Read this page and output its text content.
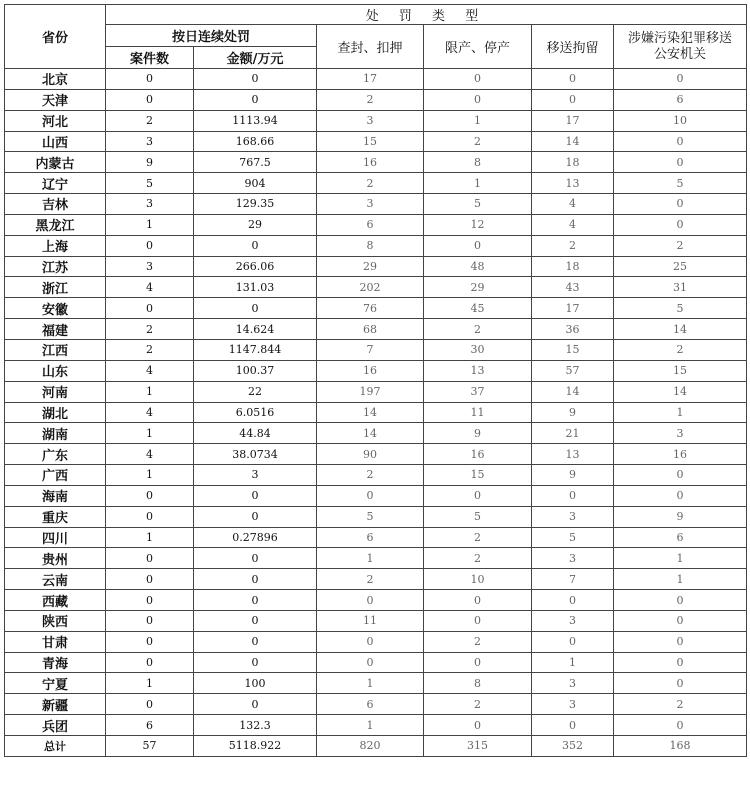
省份	处 罚 类 型					
	按日连续处罚		查封、扣押	限产、停产	移送拘留	涉嫌污染犯罪移送
公安机关
	案件数	金额/万元				
北京	0	0	17	0	0	0
天津	0	0	2	0	0	6
河北	2	1113.94	3	1	17	10
山西	3	168.66	15	2	14	0
内蒙古	9	767.5	16	8	18	0
辽宁	5	904	2	1	13	5
吉林	3	129.35	3	5	4	0
黑龙江	1	29	6	12	4	0
上海	0	0	8	0	2	2
江苏	3	266.06	29	48	18	25
浙江	4	131.03	202	29	43	31
安徽	0	0	76	45	17	5
福建	2	14.624	68	2	36	14
江西	2	1147.844	7	30	15	2
山东	4	100.37	16	13	57	15
河南	1	22	197	37	14	14
湖北	4	6.0516	14	11	9	1
湖南	1	44.84	14	9	21	3
广东	4	38.0734	90	16	13	16
广西	1	3	2	15	9	0
海南	0	0	0	0	0	0
重庆	0	0	5	5	3	9
四川	1	0.27896	6	2	5	6
贵州	0	0	1	2	3	1
云南	0	0	2	10	7	1
西藏	0	0	0	0	0	0
陕西	0	0	11	0	3	0
甘肃	0	0	0	2	0	0
青海	0	0	0	0	1	0
宁夏	1	100	1	8	3	0
新疆	0	0	6	2	3	2
兵团	6	132.3	1	0	0	0
总计	57	5118.922	820	315	352	168
